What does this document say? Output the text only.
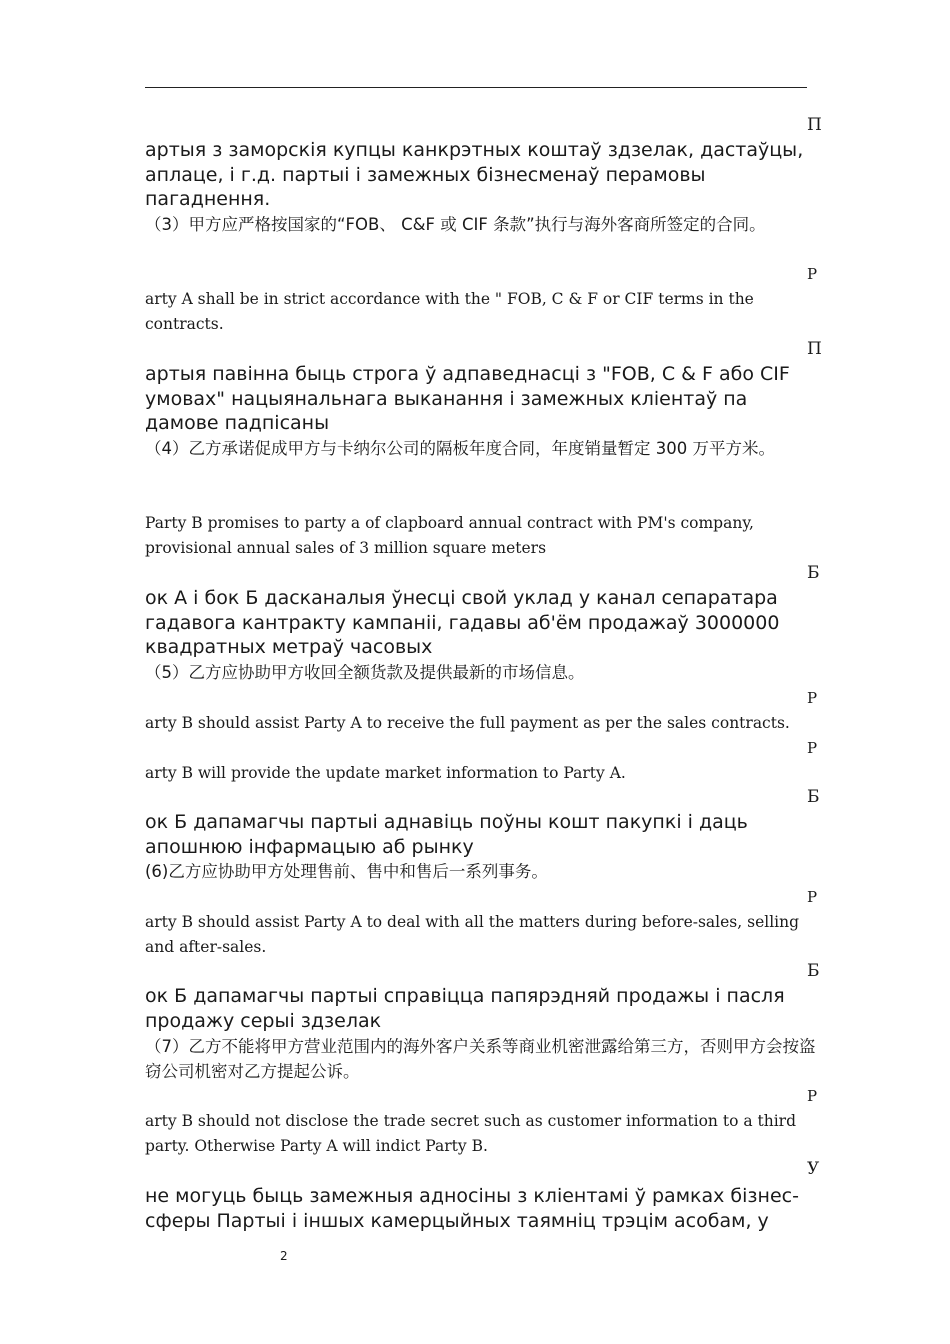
П
артыя з заморскія купцы канкрэтных коштаў здзелак, дастаўцы, аплаце, і г.д. партыі і замежных бізнесменаў перамовы пагаднення.
（3）甲方应严格按国家的“FOB、 C&F 或 CIF 条款”执行与海外客商所签定的合同。
P
arty A shall be in strict accordance with the " FOB, C & F or CIF terms in the contracts.
П
артыя павінна быць строга ў адпаведнасці з "FOB, C & F або CIF умовах" нацыянальнага выканання і замежных кліентаў па дамове падпісаны
（4）乙方承诺促成甲方与卡纳尔公司的隔板年度合同，年度销量暂定 300 万平方米。
Party B promises to party a of clapboard annual contract with PM's company, provisional annual sales of 3 million square meters
Б
ок А і бок Б дасканалыя ўнесці свой уклад у канал сепаратара гадавога кантракту кампаніі, гадавы аб'ём продажаў 3000000 квадратных метраў часовых
（5）乙方应协助甲方收回全额货款及提供最新的市场信息。
P
arty B should assist Party A to receive the full payment as per the sales contracts.
P
arty B will provide the update market information to Party A.
Б
ок Б дапамагчы партыі аднавіць поўны кошт пакупкі і даць апошнюю інфармацыю аб рынку
(6)乙方应协助甲方处理售前、售中和售后一系列事务。
P
arty B should assist Party A to deal with all the matters during before-sales, selling and after-sales.
Б
ок Б дапамагчы партыі справіцца папярэдняй продажы і пасля продажу серыі здзелак
（7）乙方不能将甲方营业范围内的海外客户关系等商业机密泄露给第三方，否则甲方会按盗窃公司机密对乙方提起公诉。
P
arty B should not disclose the trade secret such as customer information to a third party. Otherwise Party A will indict Party B.
У
не могуць быць замежныя адносіны з кліентамі ў рамках бізнес-сферы Партыі і іншых камерцыйных таямніц трэцім асобам, у
2
